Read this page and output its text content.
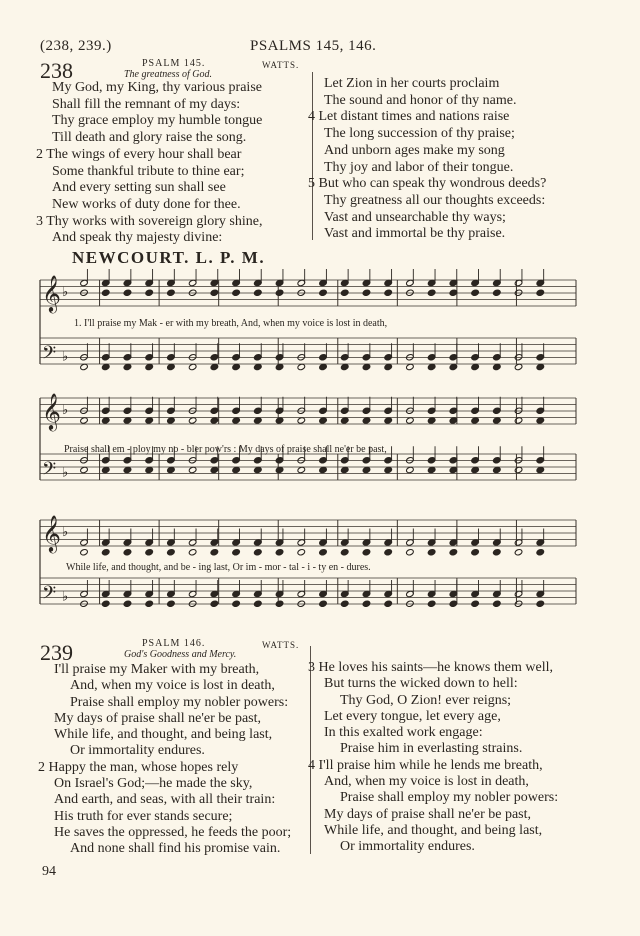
(238, 239.)	PSALMS 145, 146.
238	PSALM 145.	WATTS.
The greatness of God.
My God, my King, thy various praise
Shall fill the remnant of my days:
Thy grace employ my humble tongue
Till death and glory raise the song.
2 The wings of every hour shall bear
Some thankful tribute to thine ear;
And every setting sun shall see
New works of duty done for thee.
3 Thy works with sovereign glory shine,
And speak thy majesty divine:
Let Zion in her courts proclaim
The sound and honor of thy name.
4 Let distant times and nations raise
The long succession of thy praise;
And unborn ages make my song
Thy joy and labor of their tongue.
5 But who can speak thy wondrous deeds?
Thy greatness all our thoughts exceeds:
Vast and unsearchable thy ways;
Vast and immortal be thy praise.
NEWCOURT. L. P. M.
𝄞 ♭
𝄢 ♭
𝄞 ♭
𝄢 ♭
𝄞 ♭
𝄢 ♭
1. I'll praise my Mak - er with my breath, And, when my voice is lost in death,
Praise shall em - ploy my no - bler pow'rs : My days of praise shall ne'er be past,
While life, and thought, and be - ing last, Or im - mor - tal - i - ty en - dures.
239	PSALM 146.	WATTS.
God's Goodness and Mercy.
I'll praise my Maker with my breath,
And, when my voice is lost in death,
Praise shall employ my nobler powers:
My days of praise shall ne'er be past,
While life, and thought, and being last,
Or immortality endures.
2 Happy the man, whose hopes rely
On Israel's God;—he made the sky,
And earth, and seas, with all their train:
His truth for ever stands secure;
He saves the oppressed, he feeds the poor;
And none shall find his promise vain.
3 He loves his saints—he knows them well,
But turns the wicked down to hell:
Thy God, O Zion! ever reigns;
Let every tongue, let every age,
In this exalted work engage:
Praise him in everlasting strains.
4 I'll praise him while he lends me breath,
And, when my voice is lost in death,
Praise shall employ my nobler powers:
My days of praise shall ne'er be past,
While life, and thought, and being last,
Or immortality endures.
94
